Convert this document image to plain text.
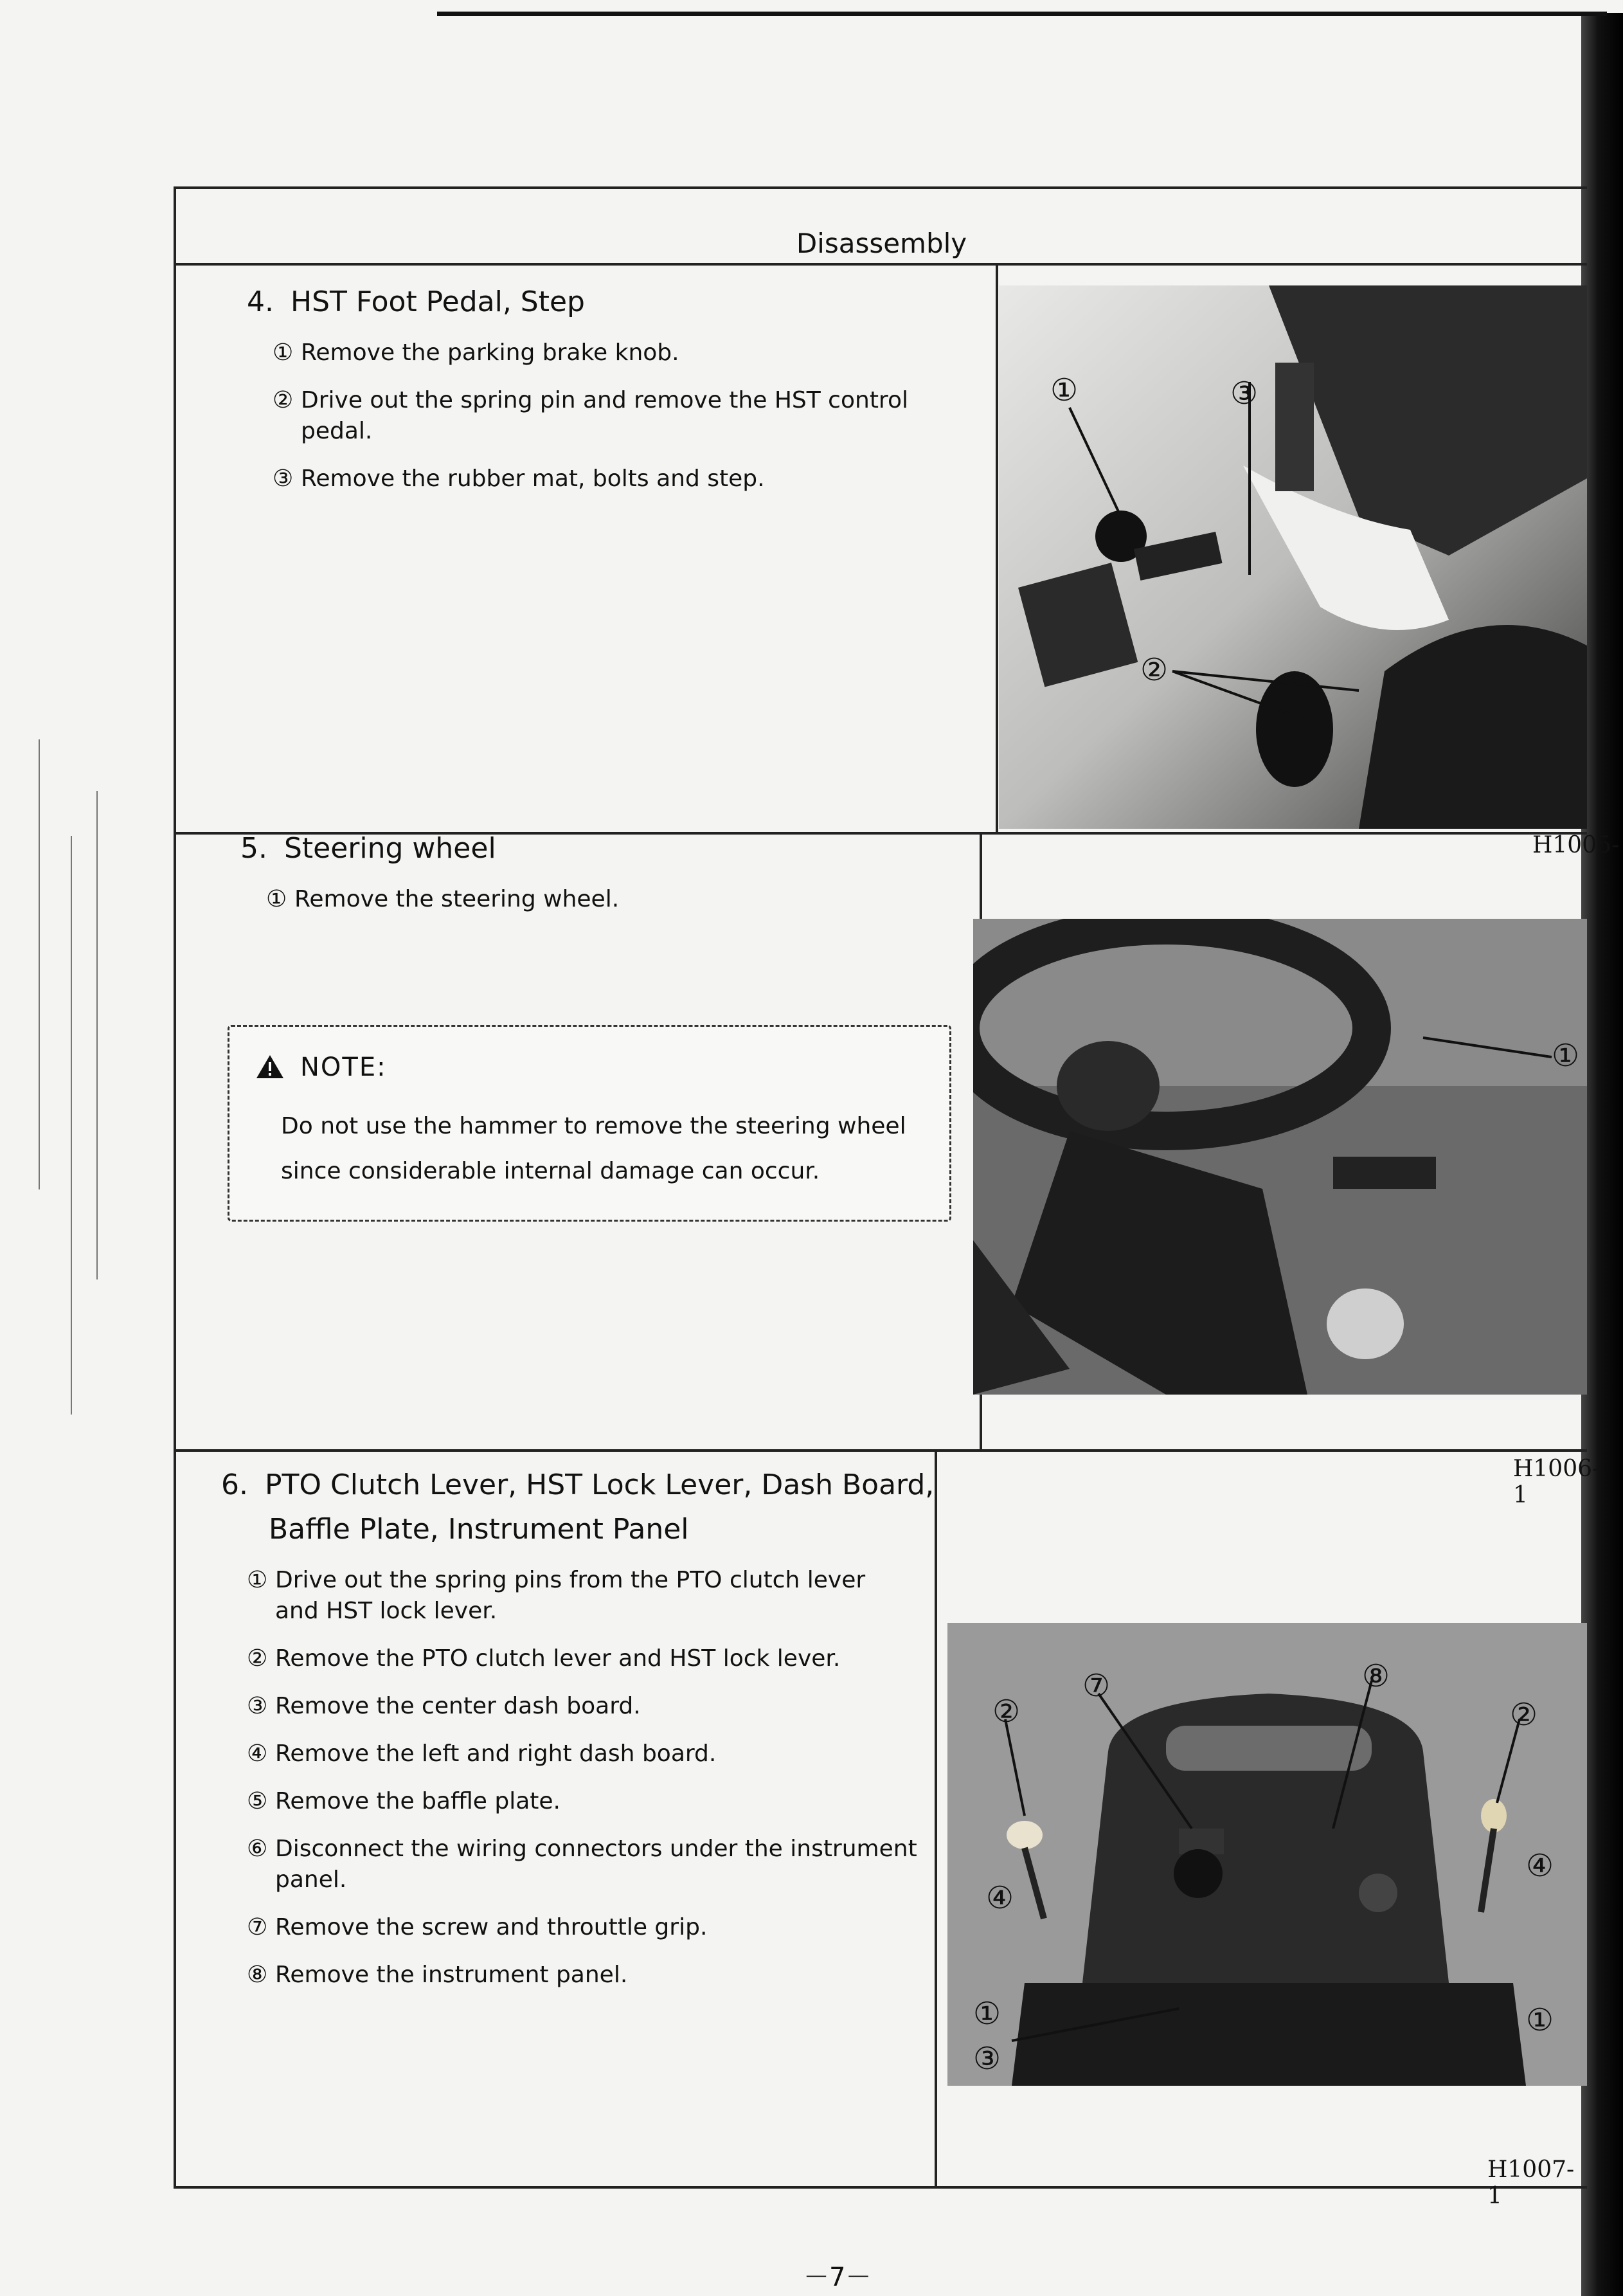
Disassembly
4. HST Foot Pedal, Step
① Remove the parking brake knob.
② Drive out the spring pin and remove the HST control
pedal.
③ Remove the rubber mat, bolts and step.
①	③
②
H1005-
5. Steering wheel
① Remove the steering wheel.
NOTE:
Do not use the hammer to remove the steering wheel
since considerable internal damage can occur.
①
H1006-1
6. PTO Clutch Lever, HST Lock Lever, Dash Board,
Baffle Plate, Instrument Panel
① Drive out the spring pins from the PTO clutch lever
and HST lock lever.
② Remove the PTO clutch lever and HST lock lever.
③ Remove the center dash board.
④ Remove the left and right dash board.
⑤ Remove the baffle plate.
⑥ Disconnect the wiring connectors under the instrument
panel.
⑦ Remove the screw and throuttle grip.
⑧ Remove the instrument panel.
②
⑦	⑧
②
④
④
①	①
③
H1007-1
－7－
